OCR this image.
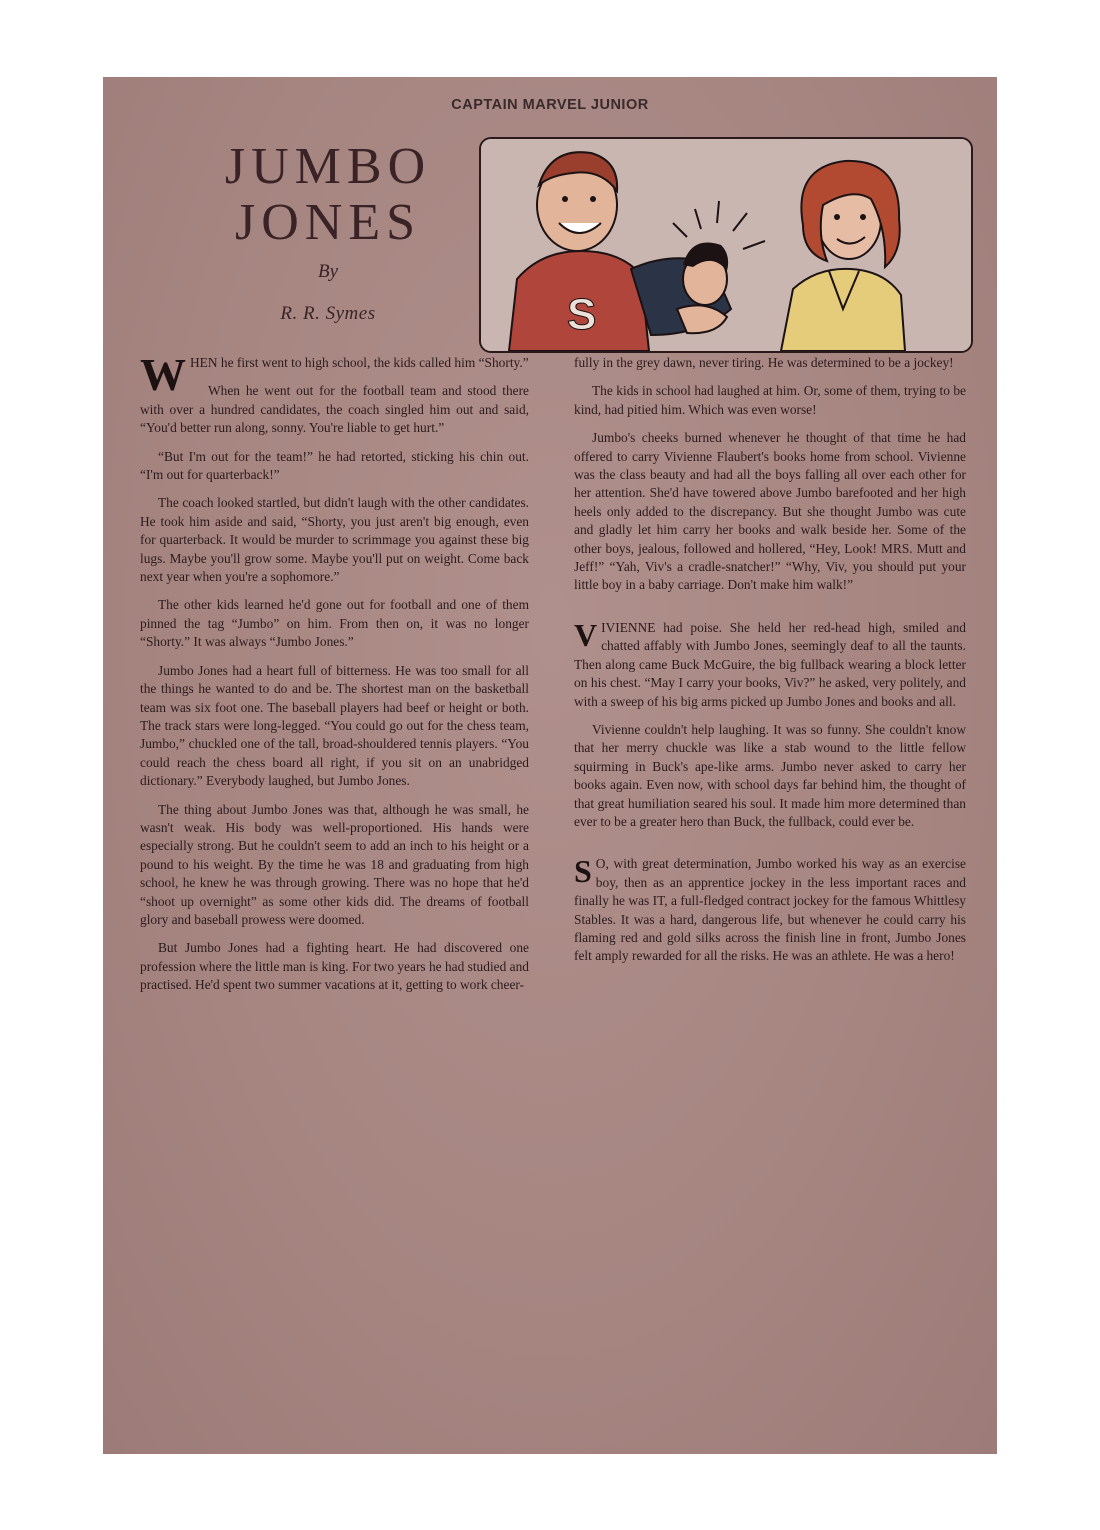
CAPTAIN MARVEL JUNIOR
JUMBO
JONES
By
R. R. Symes	S

WHEN he first went to high school, the kids called him “Shorty.”

When he went out for the football team and stood there with over a hundred candidates, the coach singled him out and said, “You'd better run along, sonny. You're liable to get hurt.”

“But I'm out for the team!” he had retorted, sticking his chin out. “I'm out for quarterback!”

The coach looked startled, but didn't laugh with the other candidates. He took him aside and said, “Shorty, you just aren't big enough, even for quarterback. It would be murder to scrimmage you against these big lugs. Maybe you'll grow some. Maybe you'll put on weight. Come back next year when you're a sophomore.”

The other kids learned he'd gone out for football and one of them pinned the tag “Jumbo” on him. From then on, it was no longer “Shorty.” It was always “Jumbo Jones.”

Jumbo Jones had a heart full of bitterness. He was too small for all the things he wanted to do and be. The shortest man on the basketball team was six foot one. The baseball players had beef or height or both. The track stars were long-legged. “You could go out for the chess team, Jumbo,” chuckled one of the tall, broad-shouldered tennis players. “You could reach the chess board all right, if you sit on an unabridged dictionary.” Everybody laughed, but Jumbo Jones.

The thing about Jumbo Jones was that, although he was small, he wasn't weak. His body was well-proportioned. His hands were especially strong. But he couldn't seem to add an inch to his height or a pound to his weight. By the time he was 18 and graduating from high school, he knew he was through growing. There was no hope that he'd “shoot up overnight” as some other kids did. The dreams of football glory and baseball prowess were doomed.

But Jumbo Jones had a fighting heart. He had discovered one profession where the little man is king. For two years he had studied and practised. He'd spent two summer vacations at it, getting to work cheer-

fully in the grey dawn, never tiring. He was determined to be a jockey!

The kids in school had laughed at him. Or, some of them, trying to be kind, had pitied him. Which was even worse!

Jumbo's cheeks burned whenever he thought of that time he had offered to carry Vivienne Flaubert's books home from school. Vivienne was the class beauty and had all the boys falling all over each other for her attention. She'd have towered above Jumbo barefooted and her high heels only added to the discrepancy. But she thought Jumbo was cute and gladly let him carry her books and walk beside her. Some of the other boys, jealous, followed and hollered, “Hey, Look! MRS. Mutt and Jeff!” “Yah, Viv's a cradle-snatcher!” “Why, Viv, you should put your little boy in a baby carriage. Don't make him walk!”

VIVIENNE had poise. She held her red-head high, smiled and chatted affably with Jumbo Jones, seemingly deaf to all the taunts. Then along came Buck McGuire, the big fullback wearing a block letter on his chest. “May I carry your books, Viv?” he asked, very politely, and with a sweep of his big arms picked up Jumbo Jones and books and all.

Vivienne couldn't help laughing. It was so funny. She couldn't know that her merry chuckle was like a stab wound to the little fellow squirming in Buck's ape-like arms. Jumbo never asked to carry her books again. Even now, with school days far behind him, the thought of that great humiliation seared his soul. It made him more determined than ever to be a greater hero than Buck, the fullback, could ever be.

S O, with great determination, Jumbo worked his way as an exercise boy, then as an apprentice jockey in the less important races and finally he was IT, a full-fledged contract jockey for the famous Whittlesy Stables. It was a hard, dangerous life, but whenever he could carry his flaming red and gold silks across the finish line in front, Jumbo Jones felt amply rewarded for all the risks. He was an athlete. He was a hero!
